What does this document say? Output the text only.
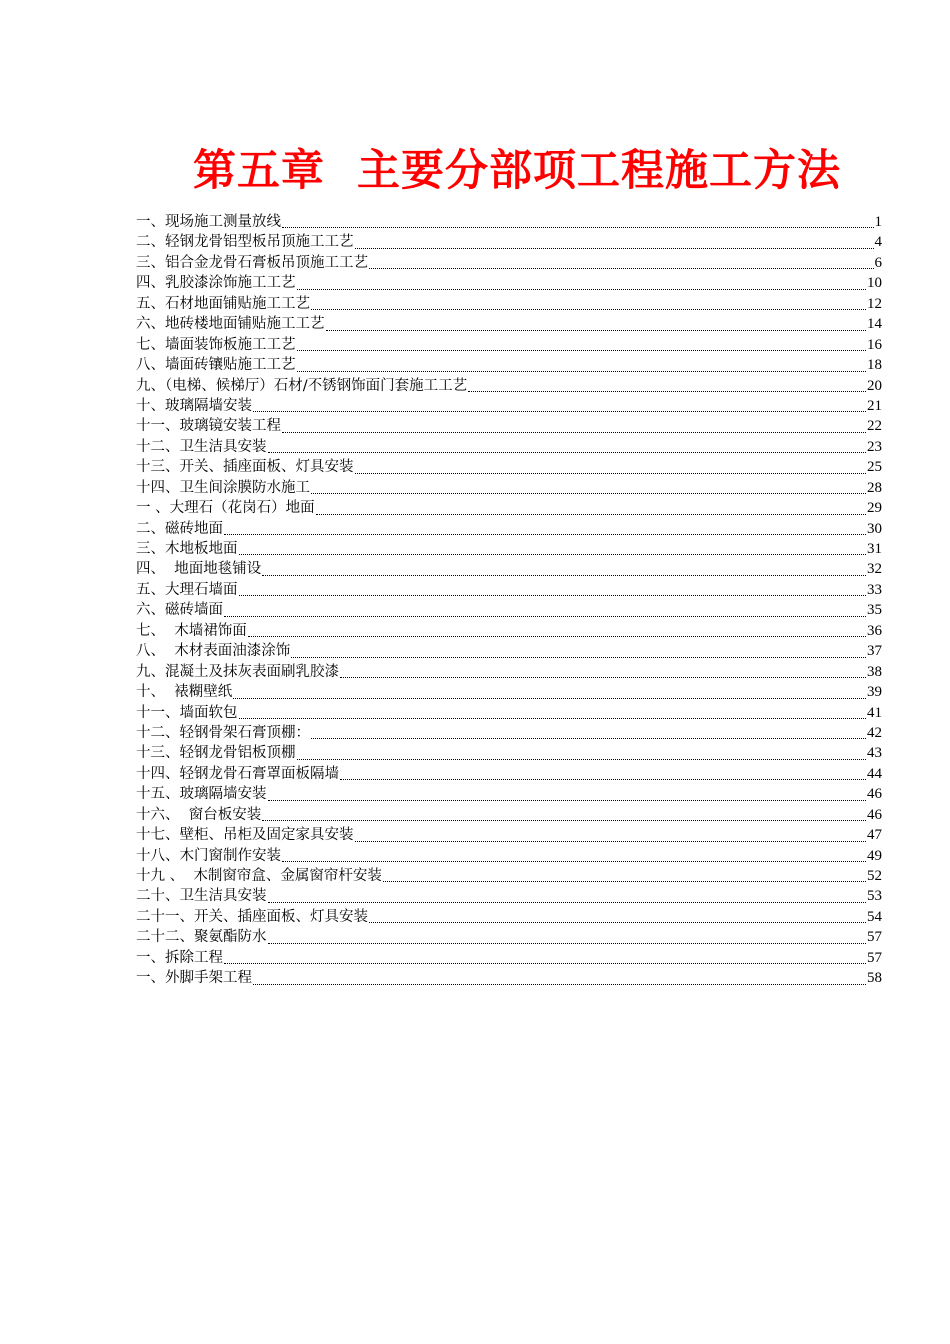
第五章  主要分部项工程施工方法
一、现场施工测量放线	1
二、轻钢龙骨铝型板吊顶施工工艺	4
三、铝合金龙骨石膏板吊顶施工工艺	6
四、乳胶漆涂饰施工工艺	10
五、石材地面铺贴施工工艺	12
六、地砖楼地面铺贴施工工艺	14
七、墙面装饰板施工工艺	16
八、墙面砖镶贴施工工艺	18
九、（电梯、候梯厅）石材/不锈钢饰面门套施工工艺	20
十、玻璃隔墙安装	21
十一、玻璃镜安装工程	22
十二、卫生洁具安装	23
十三、开关、插座面板、灯具安装	25
十四、卫生间涂膜防水施工	28
一 、大理石（花岗石）地面	29
二、磁砖地面	30
三、木地板地面	31
四、  地面地毯铺设	32
五、大理石墙面	33
六、磁砖墙面	35
七、  木墙裙饰面	36
八、  木材表面油漆涂饰	37
九、混凝土及抹灰表面刷乳胶漆	38
十、  裱糊壁纸	39
十一、墙面软包	41
十二、轻钢骨架石膏顶棚：	42
十三、轻钢龙骨铝板顶棚	43
十四、轻钢龙骨石膏罩面板隔墙	44
十五、玻璃隔墙安装	46
十六、  窗台板安装	46
十七、壁柜、吊柜及固定家具安装	47
十八、木门窗制作安装	49
十九 、  木制窗帘盒、金属窗帘杆安装	52
二十、卫生洁具安装	53
二十一、开关、插座面板、灯具安装	54
二十二、聚氨酯防水	57
一、拆除工程	57
一、外脚手架工程	58
